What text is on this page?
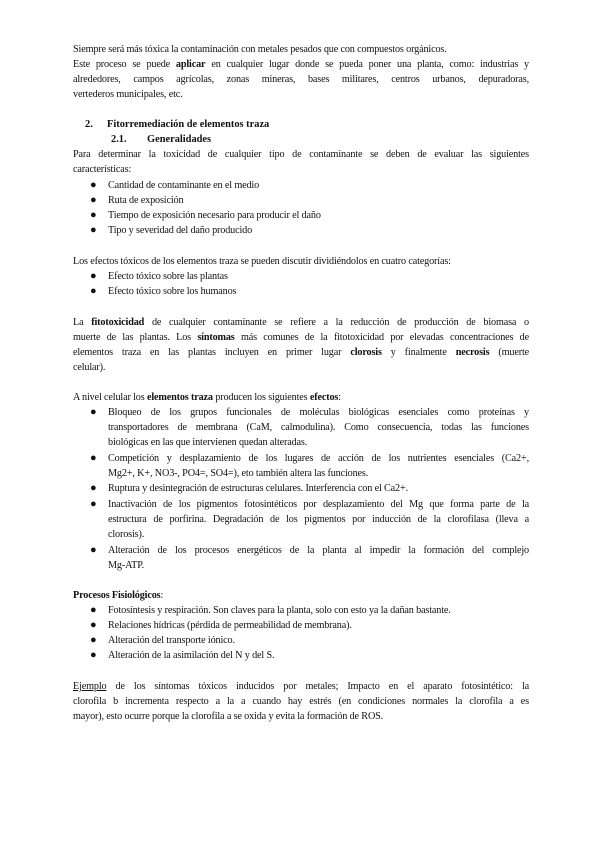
Siempre será más tóxica la contaminación con metales pesados que con compuestos orgánicos.
Este proceso se puede aplicar en cualquier lugar donde se pueda poner una planta, como: industrias y
alrededores, campos agrícolas, zonas mineras, bases militares, centros urbanos, depuradoras,
vertederos municipales, etc.
2. Fitorremediación de elementos traza
2.1. Generalidades
Para determinar la toxicidad de cualquier tipo de contaminante se deben de evaluar las siguientes
características:
●	Cantidad de contaminante en el medio
●	Ruta de exposición
●	Tiempo de exposición necesario para producir el daño
●	Tipo y severidad del daño producido
Los efectos tóxicos de los elementos traza se pueden discutir dividiéndolos en cuatro categorías:
●	Efecto tóxico sobre las plantas
●	Efecto tóxico sobre los humanos
La fitotoxicidad de cualquier contaminante se refiere a la reducción de producción de biomasa o
muerte de las plantas. Los síntomas más comunes de la fitotoxicidad por elevadas concentraciones de
elementos traza en las plantas incluyen en primer lugar clorosis y finalmente necrosis (muerte
celular).
A nivel celular los elementos traza producen los siguientes efectos:
●	Bloqueo de los grupos funcionales de moléculas biológicas esenciales como proteínas y
transportadores de membrana (CaM, calmodulina). Como consecuencia, todas las funciones
biológicas en las que intervienen quedan alteradas.
●	Competición y desplazamiento de los lugares de acción de los nutrientes esenciales (Ca2+,
Mg2+, K+, NO3-, PO4=, SO4=), eto también altera las funciones.
●	Ruptura y desintegración de estructuras celulares. Interferencia con el Ca2+.
●	Inactivación de los pigmentos fotosintéticos por desplazamiento del Mg que forma parte de la
estructura de porfirina. Degradación de los pigmentos por inducción de la clorofilasa (lleva a
clorosis).
●	Alteración de los procesos energéticos de la planta al impedir la formación del complejo
Mg-ATP.
Procesos Fisiológicos:
●	Fotosíntesis y respiración. Son claves para la planta, solo con esto ya la dañan bastante.
●	Relaciones hídricas (pérdida de permeabilidad de membrana).
●	Alteración del transporte iónico.
●	Alteración de la asimilación del N y del S.
Ejemplo de los síntomas tóxicos inducidos por metales; Impacto en el aparato fotosintético: la
clorofila b incrementa respecto a la a cuando hay estrés (en condiciones normales la clorofila a es
mayor), esto ocurre porque la clorofila a se oxida y evita la formación de ROS.
